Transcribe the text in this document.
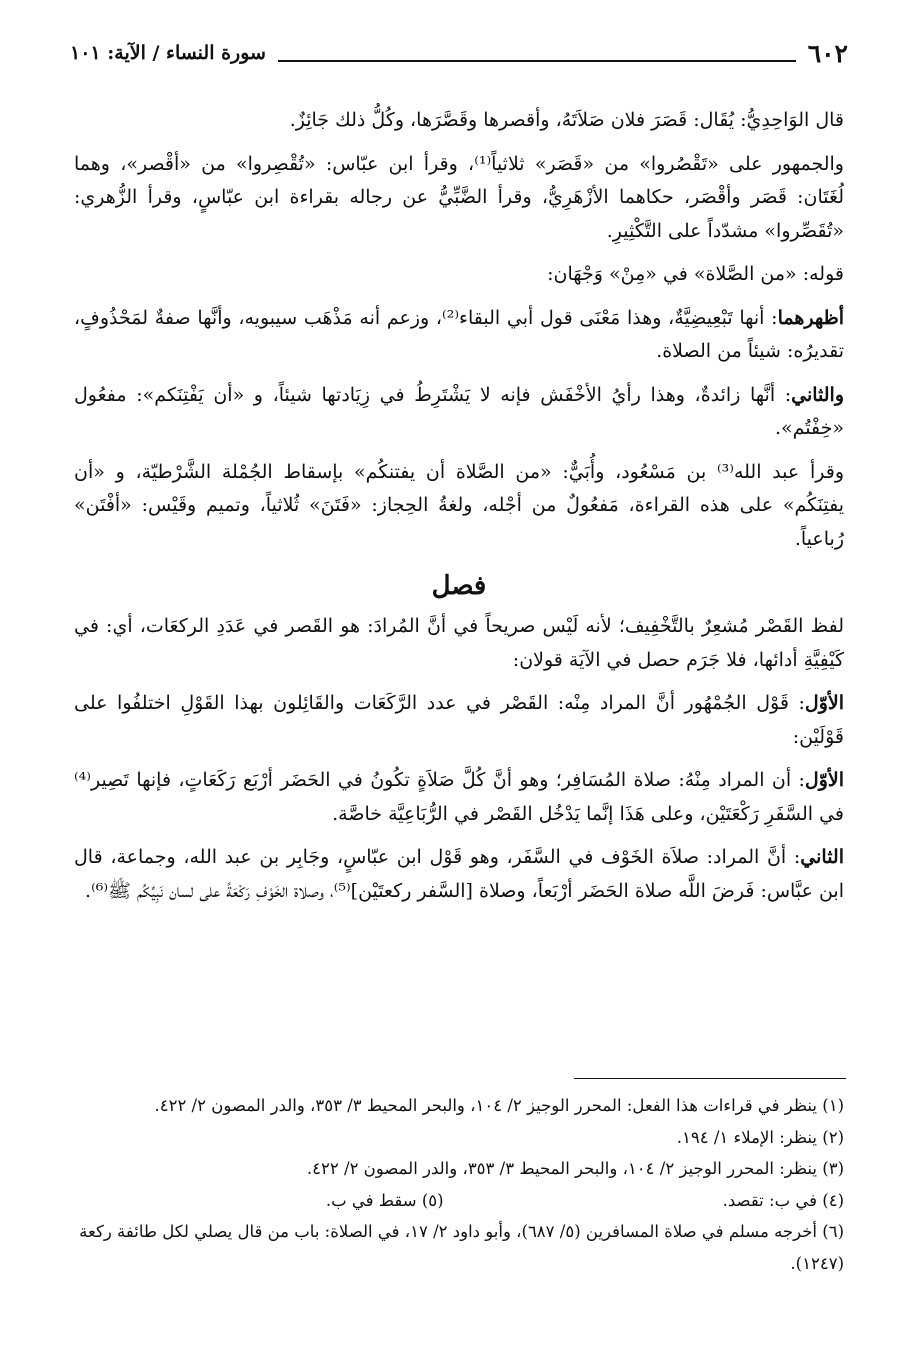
٦٠٢
سورة النساء / الآية: ١٠١

قال الوَاحِدِيُّ: يُقَال: قَصَرَ فلان صَلاَتَهُ، وأقصرها وقَصَّرَها، وكُلُّ ذلك جَائِزٌ.

والجمهور على «تَقْصُروا» من «قَصَر» ثلاثياً⁽¹⁾، وقرأ ابن عبّاس: «تُقْصِروا» من «أقْصر»، وهما لُغَتَان: قَصَر وأقْصَر، حكاهما الأزْهَرِيُّ، وقرأ الضَّبِّيُّ عن رجاله بقراءة ابن عبّاسٍ، وقرأ الزُّهري: «تُقَصِّروا» مشدّداً على التَّكْثِيرِ.

قوله: «من الصَّلاة» في «مِنْ» وَجْهَان:

أظهرهما: أنها تَبْعِيضِيَّةٌ، وهذا مَعْنَى قول أبي البقاء⁽²⁾، وزعم أنه مَذْهَب سيبويه، وأنَّها صفةٌ لمَحْذُوفٍ، تقديرُه: شيئاً من الصلاة.

والثاني: أنَّها زائدةٌ، وهذا رأيُ الأخْفَش فإنه لا يَشْتَرِطُ في زِيَادتها شيئاً، و «أن يَفْتِنَكم»: مفعُول «خِفْتُم».

وقرأ عبد الله⁽³⁾ بن مَسْعُود، وأُبَيٌّ: «من الصَّلاة أن يفتنكُم» بإسقاط الجُمْلة الشَّرْطيّة، و «أن يفتِنَكُم» على هذه القراءة، مَفعُولٌ من أجْله، ولغةُ الحِجاز: «فَتَنَ» ثُلاثياً، وتميم وقَيْس: «أفْتَن» رُباعياً.

فصل

لفظ القَصْر مُشعِرٌ بالتَّخْفِيف؛ لأنه لَيْس صريحاً في أنَّ المُرادَ: هو القَصر في عَدَدِ الركعَات، أي: في كَيْفِيَّةِ أدائها، فلا جَرَم حصل في الآيَة قولان:

الأوّل: قَوْل الجُمْهُور أنَّ المراد مِنْه: القَصْر في عدد الرَّكَعَات والقَائِلون بهذا القَوْلِ اختلفُوا على قَوْلَيْن:

الأوّل: أن المراد مِنْهُ: صلاة المُسَافِر؛ وهو أنَّ كُلَّ صَلاَةٍ تكُونُ في الحَضَر أرْبَع رَكَعَاتٍ، فإنها تَصِير⁽⁴⁾ في السَّفَرِ رَكْعَتَيْن، وعلى هَذَا إنَّما يَدْخُل القَصْر في الرُّبَاعِيَّة خاصَّة.

الثاني: أنَّ المراد: صلاَة الخَوْف في السَّفَر، وهو قَوْل ابن عبّاسٍ، وجَابِر بن عبد الله، وجماعة، قال ابن عبَّاس: فَرضَ اللَّه صلاة الحَضَر أرْبَعاً، وصلاة [السَّفر ركعتَيْن]⁽⁵⁾، وصلاة الخَوْفِ رَكْعَةً على لسان نَبِيِّكُم ﷺ⁽⁶⁾.

(١) ينظر في قراءات هذا الفعل: المحرر الوجيز ٢/ ١٠٤، والبحر المحيط ٣/ ٣٥٣، والدر المصون ٢/ ٤٢٢.

(٢) ينظر: الإملاء ١/ ١٩٤.

(٣) ينظر: المحرر الوجيز ٢/ ١٠٤، والبحر المحيط ٣/ ٣٥٣، والدر المصون ٢/ ٤٢٢.

(٤) في ب: تقصد.
(٥) سقط في ب.

(٦) أخرجه مسلم في صلاة المسافرين (٥/ ٦٨٧)، وأبو داود ٢/ ١٧، في الصلاة: باب من قال يصلي لكل طائفة ركعة (١٢٤٧).
